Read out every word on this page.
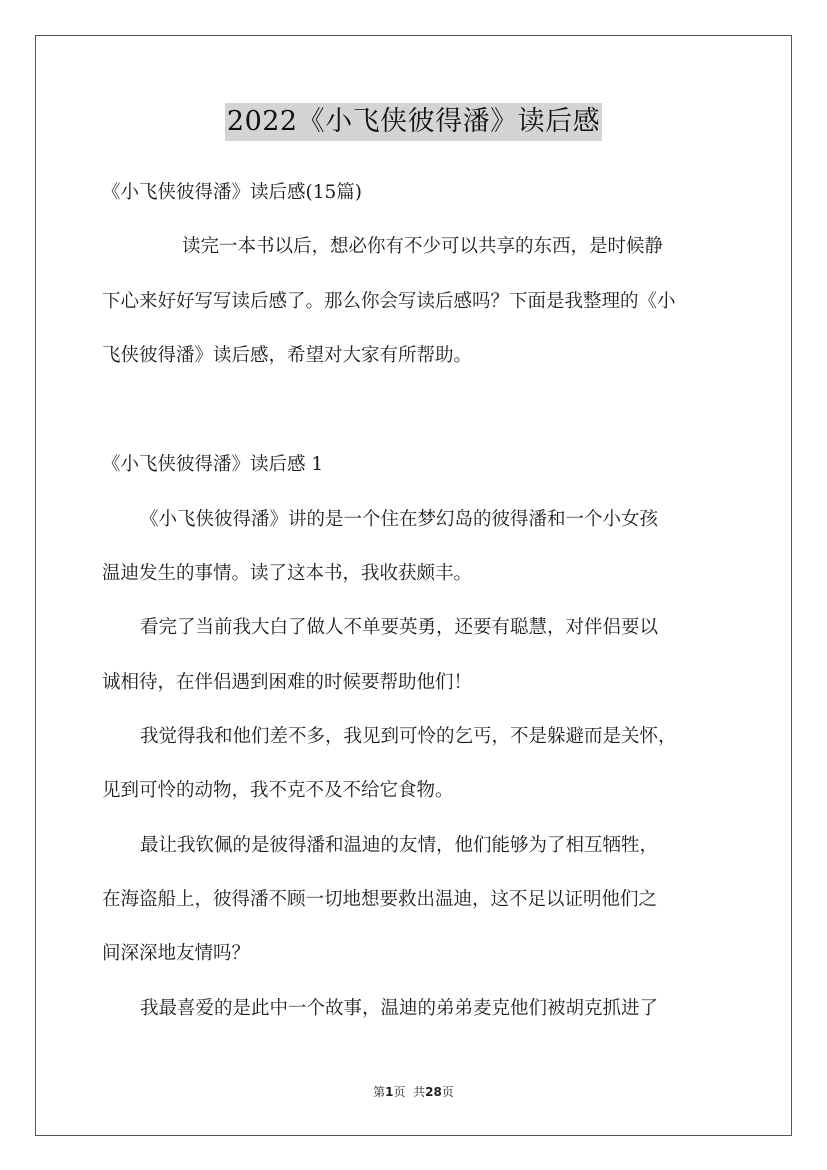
2022《小飞侠彼得潘》读后感
《小飞侠彼得潘》读后感(15篇)
读完一本书以后，想必你有不少可以共享的东西，是时候静
下心来好好写写读后感了。那么你会写读后感吗？下面是我整理的《小
飞侠彼得潘》读后感，希望对大家有所帮助。
《小飞侠彼得潘》读后感 1
《小飞侠彼得潘》讲的是一个住在梦幻岛的彼得潘和一个小女孩
温迪发生的事情。读了这本书，我收获颇丰。
看完了当前我大白了做人不单要英勇，还要有聪慧，对伴侣要以
诚相待，在伴侣遇到困难的时候要帮助他们！
我觉得我和他们差不多，我见到可怜的乞丐，不是躲避而是关怀，
见到可怜的动物，我不克不及不给它食物。
最让我钦佩的是彼得潘和温迪的友情，他们能够为了相互牺牲，
在海盗船上，彼得潘不顾一切地想要救出温迪，这不足以证明他们之
间深深地友情吗？
我最喜爱的是此中一个故事，温迪的弟弟麦克他们被胡克抓进了
第1页  共28页
